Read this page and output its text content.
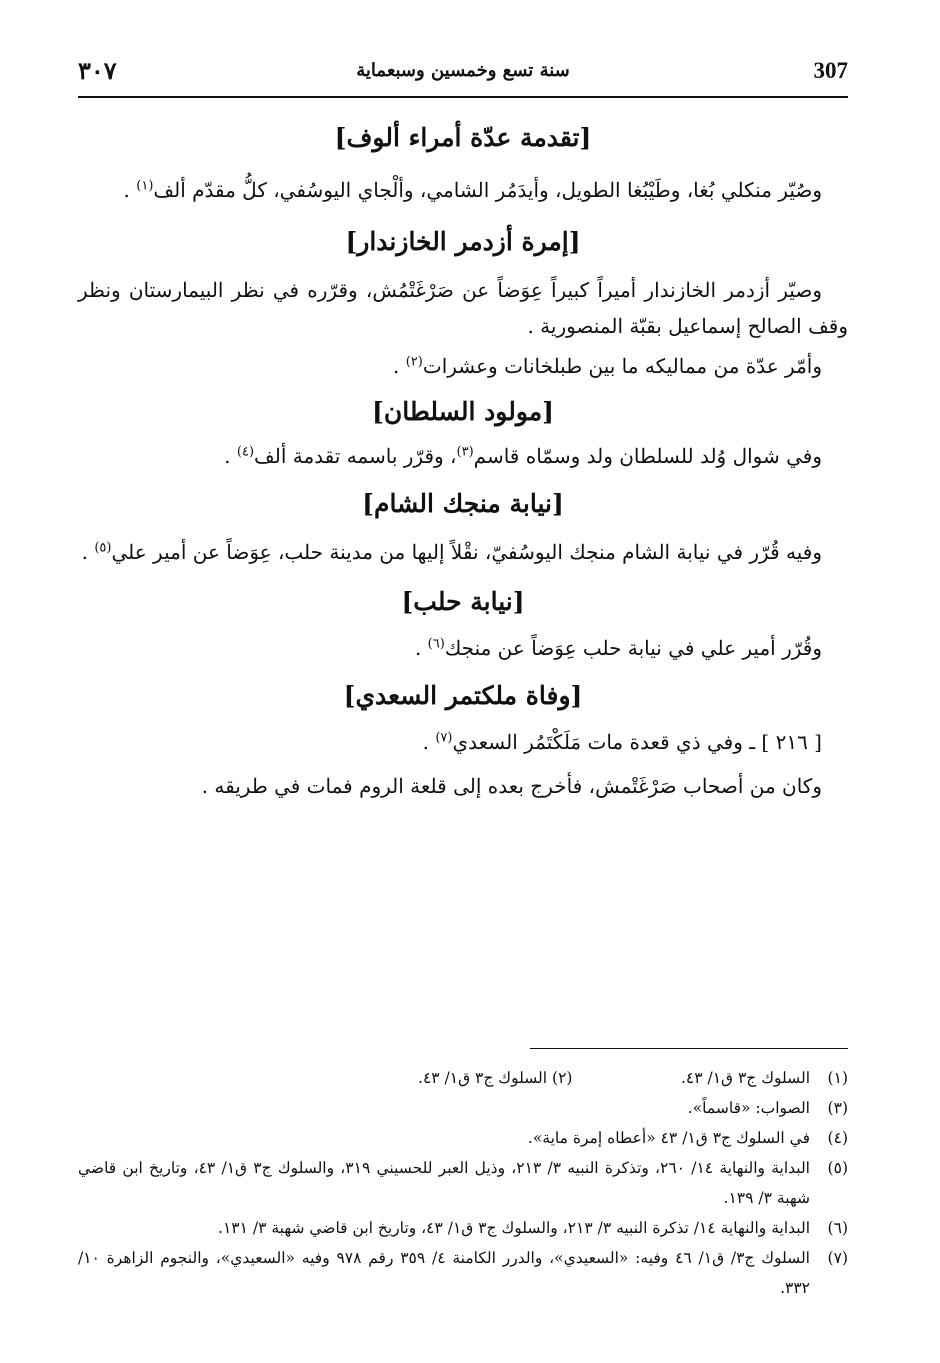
307
سنة تسع وخمسين وسبعماية
٣٠٧
[تقدمة عدّة أمراء ألوف]

وصُيّر منكلي بُغا، وطَيْبُغا الطويل، وأيدَمُر الشامي، وألْجاي اليوسُفي، كلُّ مقدّم ألف$^{(١)}$ .

[إمرة أزدمر الخازندار]

وصيّر أزدمر الخازندار أميراً كبيراً عِوَضاً عن صَرْغَتْمُش، وقرّره في نظر البيمارستان ونظر وقف الصالح إسماعيل بقبّة المنصورية .

وأمّر عدّة من مماليكه ما بين طبلخانات وعشرات$^{(٢)}$ .

[مولود السلطان]

وفي شوال وُلد للسلطان ولد وسمّاه قاسم$^{(٣)}$، وقرّر باسمه تقدمة ألف$^{(٤)}$ .

[نيابة منجك الشام]

وفيه قُرّر في نيابة الشام منجك اليوسُفيّ، نقْلاً إليها من مدينة حلب، عِوَضاً عن أمير علي$^{(٥)}$ .

[نيابة حلب]

وقُرّر أمير علي في نيابة حلب عِوَضاً عن منجك$^{(٦)}$ .

[وفاة ملكتمر السعدي]

[ ٢١٦ ] ـ وفي ذي قعدة مات مَلَكْتَمُر السعدي$^{(٧)}$ .

وكان من أصحاب صَرْغَتْمش، فأخرج بعده إلى قلعة الروم فمات في طريقه .

(١)
السلوك ج٣ ق١/ ٤٣.
(٢) السلوك ج٣ ق١/ ٤٣.
(٣)
الصواب: «قاسماً».
(٤)
في السلوك ج٣ ق١/ ٤٣ «أعطاه إمرة ماية».
(٥)
البداية والنهاية ١٤/ ٢٦٠، وتذكرة النبيه ٣/ ٢١٣، وذيل العبر للحسيني ٣١٩، والسلوك ج٣ ق١/ ٤٣، وتاريخ ابن قاضي شهبة ٣/ ١٣٩.
(٦)
البداية والنهاية ١٤/ تذكرة النبيه ٣/ ٢١٣، والسلوك ج٣ ق١/ ٤٣، وتاريخ ابن قاضي شهبة ٣/ ١٣١.
(٧)
السلوك ج٣/ ق١/ ٤٦ وفيه: «السعيدي»، والدرر الكامنة ٤/ ٣٥٩ رقم ٩٧٨ وفيه «السعيدي»، والنجوم الزاهرة ١٠/ ٣٣٢.
